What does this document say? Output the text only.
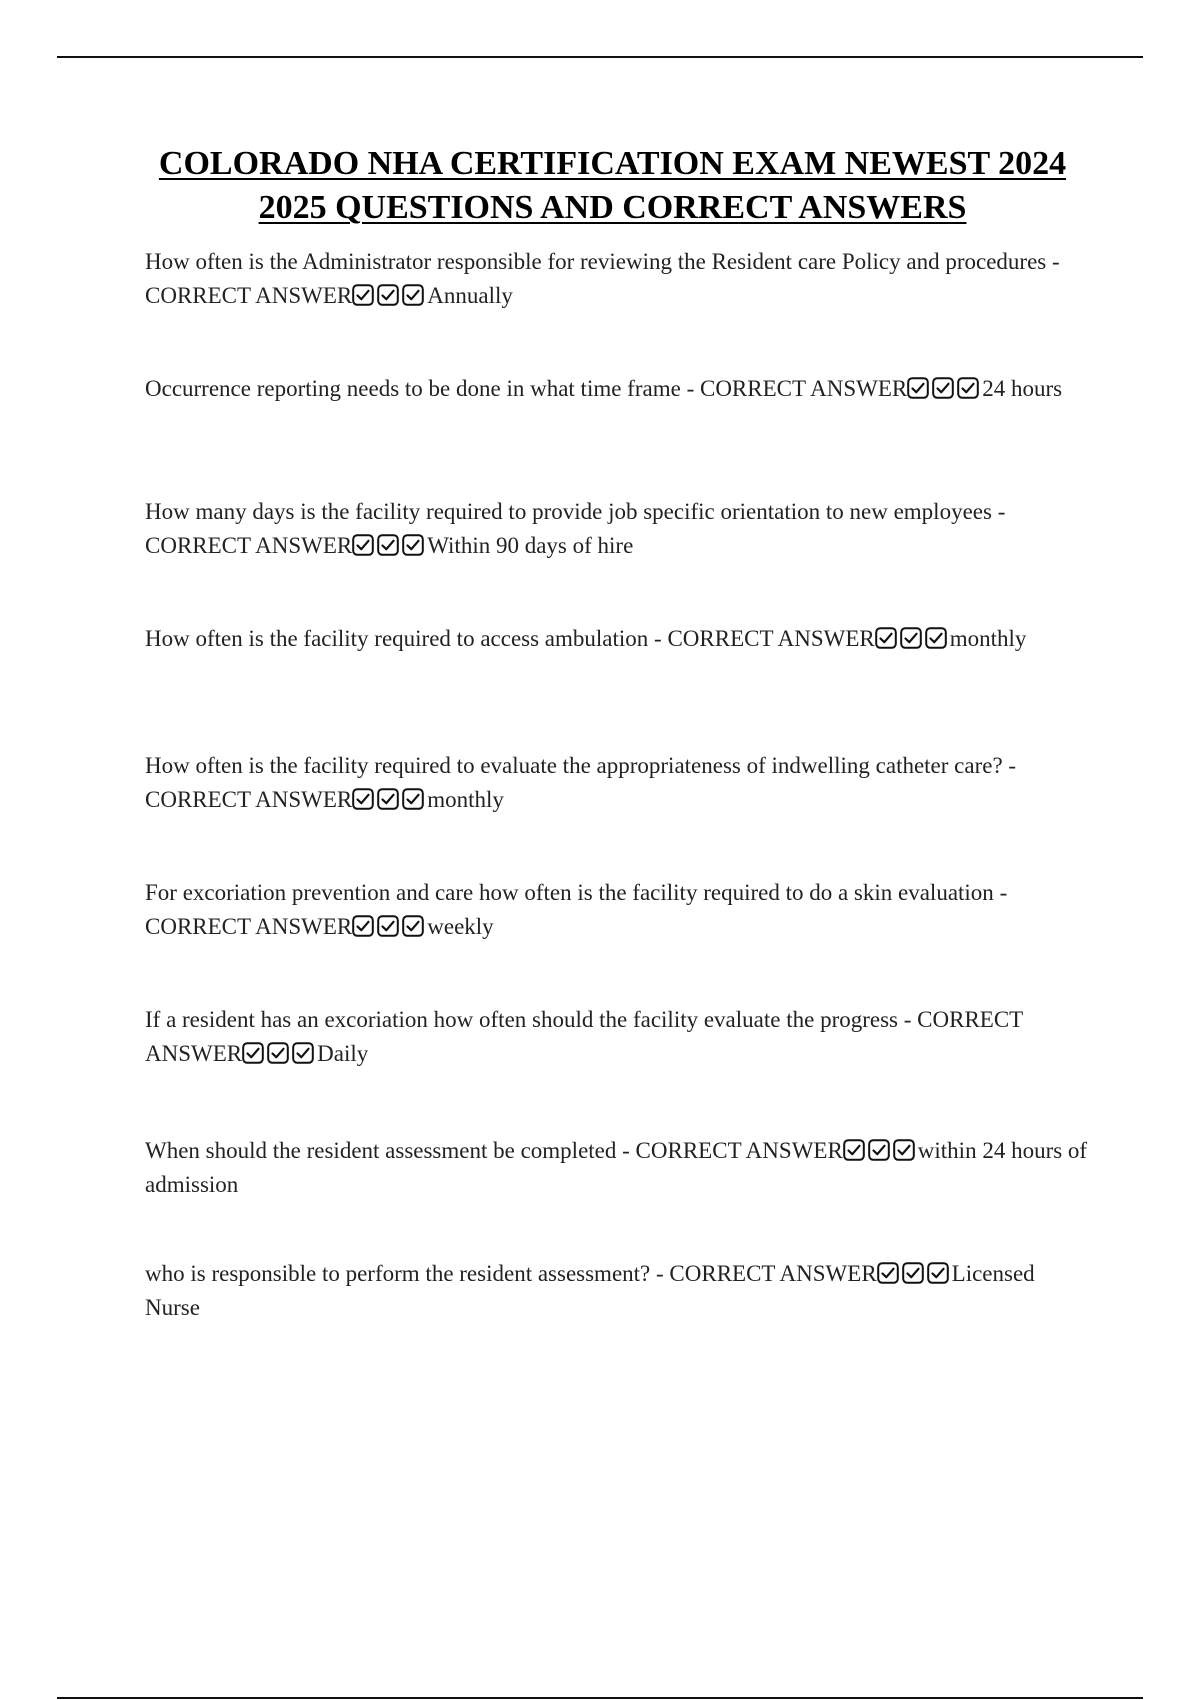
COLORADO NHA CERTIFICATION EXAM NEWEST 2024
2025 QUESTIONS AND CORRECT ANSWERS

How often is the Administrator responsible for reviewing the Resident care Policy and procedures - CORRECT ANSWER	Annually

Occurrence reporting needs to be done in what time frame - CORRECT ANSWER	24 hours

How many days is the facility required to provide job specific orientation to new employees - CORRECT ANSWER	Within 90 days of hire

How often is the facility required to access ambulation - CORRECT ANSWER	monthly

How often is the facility required to evaluate the appropriateness of indwelling catheter care? - CORRECT ANSWER	monthly

For excoriation prevention and care how often is the facility required to do a skin evaluation - CORRECT ANSWER	weekly

If a resident has an excoriation how often should the facility evaluate the progress - CORRECT ANSWER	Daily

When should the resident assessment be completed - CORRECT ANSWER	within 24 hours of admission

who is responsible to perform the resident assessment? - CORRECT ANSWER	Licensed Nurse
